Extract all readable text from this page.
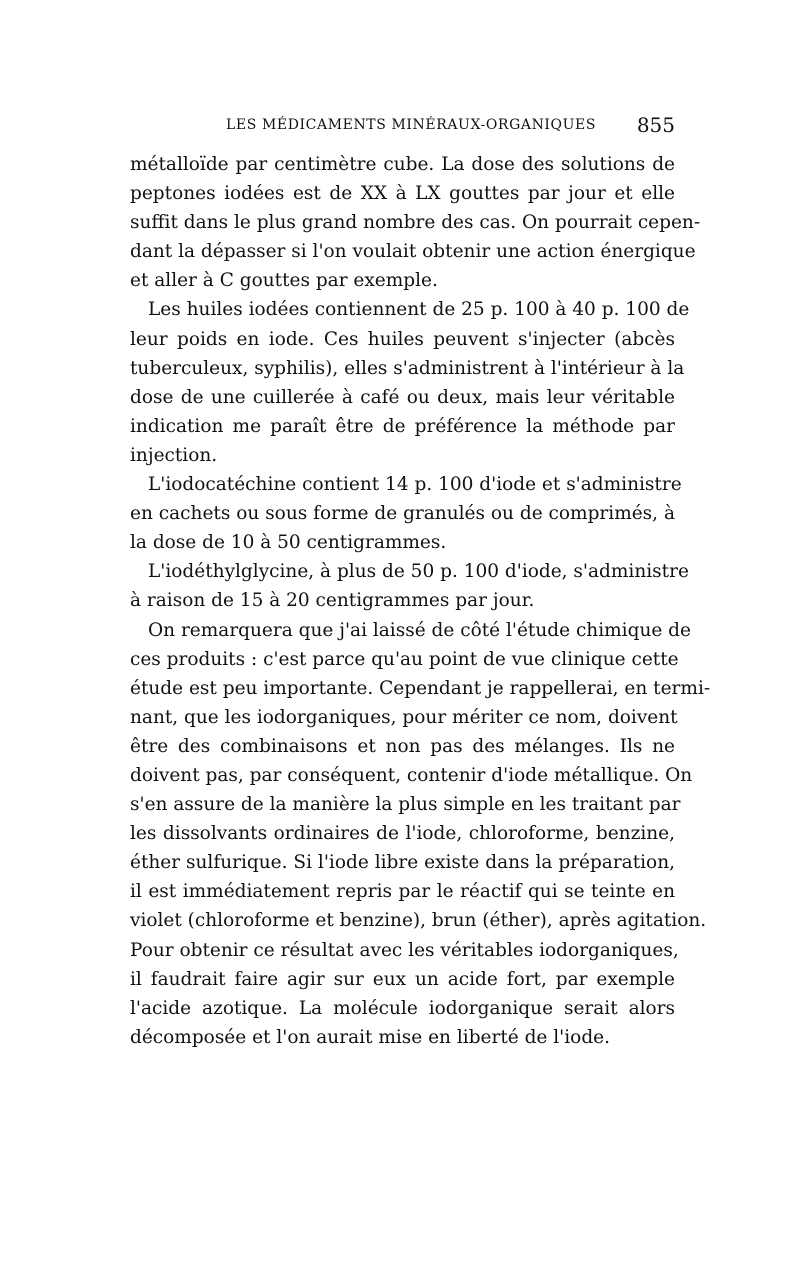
LES MÉDICAMENTS MINÉRAUX-ORGANIQUES 855
métalloïde par centimètre cube. La dose des solutions de
peptones iodées est de XX à LX gouttes par jour et elle
suffit dans le plus grand nombre des cas. On pourrait cepen-
dant la dépasser si l'on voulait obtenir une action énergique
et aller à C gouttes par exemple.
Les huiles iodées contiennent de 25 p. 100 à 40 p. 100 de
leur poids en iode. Ces huiles peuvent s'injecter (abcès
tuberculeux, syphilis), elles s'administrent à l'intérieur à la
dose de une cuillerée à café ou deux, mais leur véritable
indication me paraît être de préférence la méthode par
injection.
L'iodocatéchine contient 14 p. 100 d'iode et s'administre
en cachets ou sous forme de granulés ou de comprimés, à
la dose de 10 à 50 centigrammes.
L'iodéthylglycine, à plus de 50 p. 100 d'iode, s'administre
à raison de 15 à 20 centigrammes par jour.
On remarquera que j'ai laissé de côté l'étude chimique de
ces produits : c'est parce qu'au point de vue clinique cette
étude est peu importante. Cependant je rappellerai, en termi-
nant, que les iodorganiques, pour mériter ce nom, doivent
être des combinaisons et non pas des mélanges. Ils ne
doivent pas, par conséquent, contenir d'iode métallique. On
s'en assure de la manière la plus simple en les traitant par
les dissolvants ordinaires de l'iode, chloroforme, benzine,
éther sulfurique. Si l'iode libre existe dans la préparation,
il est immédiatement repris par le réactif qui se teinte en
violet (chloroforme et benzine), brun (éther), après agitation.
Pour obtenir ce résultat avec les véritables iodorganiques,
il faudrait faire agir sur eux un acide fort, par exemple
l'acide azotique. La molécule iodorganique serait alors
décomposée et l'on aurait mise en liberté de l'iode.
